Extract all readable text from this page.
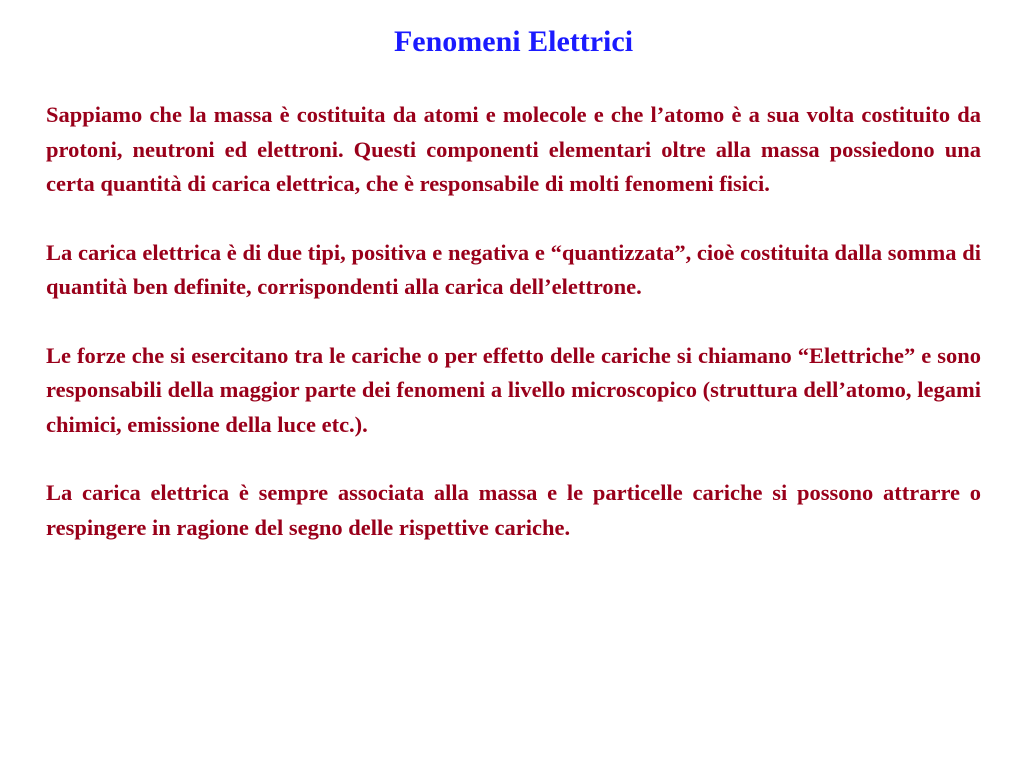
Fenomeni Elettrici

Sappiamo che la massa è costituita da atomi e molecole e che l’atomo è a sua volta costituito da protoni, neutroni ed elettroni. Questi componenti elementari oltre alla massa possiedono una certa quantità di carica elettrica, che è responsabile di molti fenomeni fisici.

La carica elettrica è di due tipi, positiva e negativa e “quantizzata”, cioè costituita dalla somma di quantità ben definite, corrispondenti alla carica dell’elettrone.

Le forze che si esercitano tra le cariche o per effetto delle cariche si chiamano “Elettriche” e sono responsabili della maggior parte dei fenomeni a livello microscopico (struttura dell’atomo, legami chimici, emissione della luce etc.).

La carica elettrica è sempre associata alla massa e le particelle cariche si possono attrarre o respingere in ragione del segno delle rispettive cariche.
